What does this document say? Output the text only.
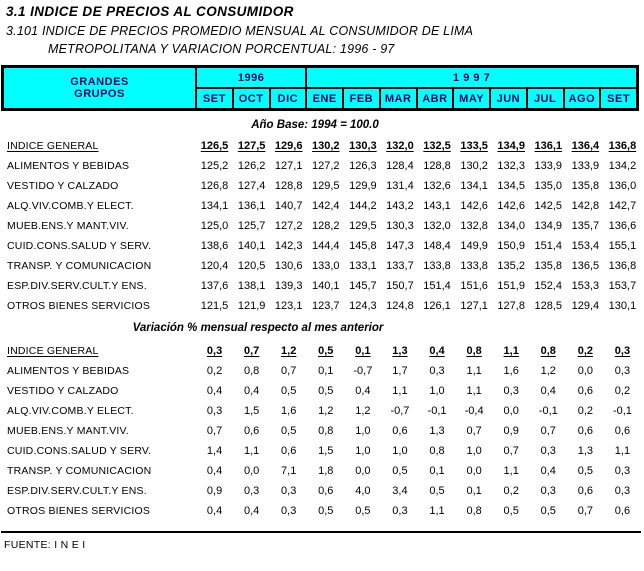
3.1 INDICE DE PRECIOS AL CONSUMIDOR
3.101 INDICE DE PRECIOS PROMEDIO MENSUAL AL CONSUMIDOR DE LIMA
METROPOLITANA Y VARIACION PORCENTUAL: 1996 - 97
GRANDES
GRUPOS
1996	1 9 9 7
SET	OCT	DIC	ENE	FEB	MAR ABR	MAY	JUN	JUL	AGO	SET
Año Base: 1994 = 100.0
INDICE GENERAL	126,5 127,5 129,6 130,2 130,3 132,0 132,5 133,5 134,9 136,1 136,4 136,8
ALIMENTOS Y BEBIDAS	125,2 126,2 127,1 127,2 126,3 128,4 128,8 130,2 132,3 133,9 133,9 134,2
VESTIDO Y CALZADO	126,8 127,4 128,8 129,5 129,9 131,4 132,6 134,1 134,5 135,0 135,8 136,0
ALQ.VIV.COMB.Y ELECT.	134,1 136,1 140,7 142,4 144,2 143,2 143,1 142,6 142,6 142,5 142,8 142,7
MUEB.ENS.Y MANT.VIV.	125,0 125,7 127,2 128,2 129,5 130,3 132,0 132,8 134,0 134,9 135,7 136,6
CUID.CONS.SALUD Y SERV.	138,6 140,1 142,3 144,4 145,8 147,3 148,4 149,9 150,9 151,4 153,4 155,1
TRANSP. Y COMUNICACION	120,4 120,5 130,6 133,0 133,1 133,7 133,8 133,8 135,2 135,8 136,5 136,8
ESP.DIV.SERV.CULT.Y ENS.	137,6 138,1 139,3 140,1 145,7 150,7 151,4 151,6 151,9 152,4 153,3 153,7
OTROS BIENES SERVICIOS	121,5 121,9 123,1 123,7 124,3 124,8 126,1 127,1 127,8 128,5 129,4 130,1
Variación % mensual respecto al mes anterior
INDICE GENERAL	0,3	0,7	1,2	0,5	0,1	1,3	0,4	0,8	1,1	0,8	0,2	0,3
ALIMENTOS Y BEBIDAS	0,2	0,8	0,7	0,1	-0,7	1,7	0,3	1,1	1,6	1,2	0,0	0,3
VESTIDO Y CALZADO	0,4	0,4	0,5	0,5	0,4	1,1	1,0	1,1	0,3	0,4	0,6	0,2
ALQ.VIV.COMB.Y ELECT.	0,3	1,5	1,6	1,2	1,2	-0,7	-0,1	-0,4	0,0	-0,1	0,2	-0,1
MUEB.ENS.Y MANT.VIV.	0,7	0,6	0,5	0,8	1,0	0,6	1,3	0,7	0,9	0,7	0,6	0,6
CUID.CONS.SALUD Y SERV.	1,4	1,1	0,6	1,5	1,0	1,0	0,8	1,0	0,7	0,3	1,3	1,1
TRANSP. Y COMUNICACION	0,4	0,0	7,1	1,8	0,0	0,5	0,1	0,0	1,1	0,4	0,5	0,3
ESP.DIV.SERV.CULT.Y ENS.	0,9	0,3	0,3	0,6	4,0	3,4	0,5	0,1	0,2	0,3	0,6	0,3
OTROS BIENES SERVICIOS	0,4	0,4	0,3	0,5	0,5	0,3	1,1	0,8	0,5	0,5	0,7	0,6
FUENTE: I N E I
